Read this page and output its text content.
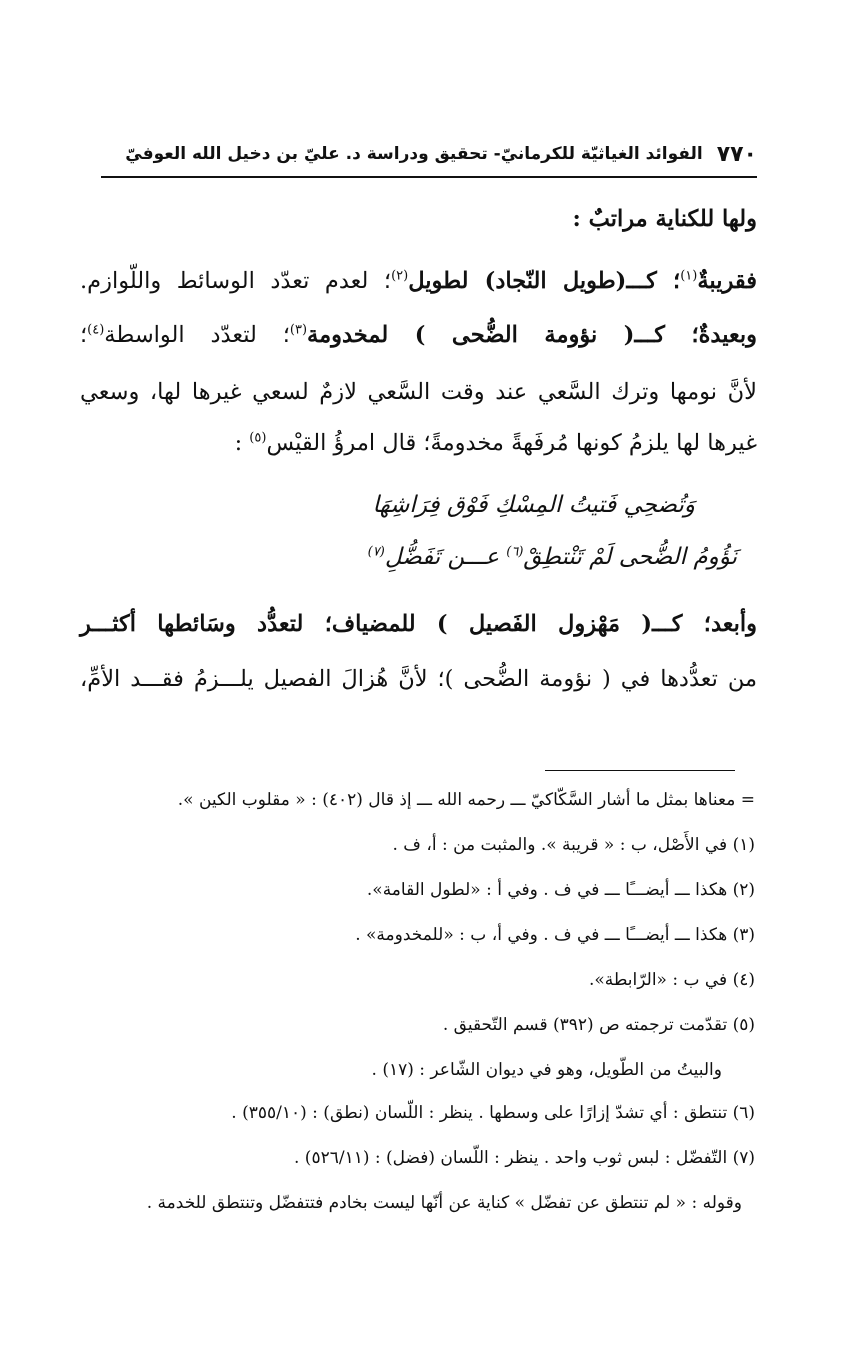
٧٧٠
الفوائد الغياثيّة للكرمانيّ- تحقيق ودراسة د. عليّ بن دخيل الله العوفيّ
ولها للكناية مراتبٌ :
فقريبةٌ$^{(١)}$؛ كـــ(طويل النّجاد) لطويل$^{(٢)}$؛ لعدم تعدّد الوسائط واللّوازم.
وبعيدةٌ؛ كـــ( نؤومة الضُّحى ) لمخدومة$^{(٣)}$؛ لتعدّد الواسطة$^{(٤)}$؛
لأنَّ نومها وترك السَّعي عند وقت السَّعي لازمٌ لسعي غيرها لها، وسعي
غيرها لها يلزمُ كونها مُرفَهةً مخدومةً؛ قال امرؤُ القيْس$^{(٥)}$ :
وَتُضحِي فَتيتُ المِسْكِ فَوْق فِرَاشِهَا
نَؤُومُ الضُّحى لَمْ تَنْتطِقْ$^{(٦)}$ عـــن تَفَضُّلِ$^{(٧)}$
وأبعد؛ كـــ( مَهْزول الفَصيل ) للمضياف؛ لتعدُّد وسَائطها أكثـــر
من تعدُّدها في ( نؤومة الضُّحى )؛ لأنَّ هُزالَ الفصيل يلـــزمُ فقـــد الأمِّ،
= معناها بمثل ما أشار السَّكّاكيّ ـــ رحمه الله ـــ إذ قال (٤٠٢) : « مقلوب الكين ».
(١) في الأَصْل، ب : « قريبة ». والمثبت من : أ، ف .
(٢) هكذا ـــ أيضـــًا ـــ في ف . وفي أ : «لطول القامة».
(٣) هكذا ـــ أيضـــًا ـــ في ف . وفي أ، ب : «للمخدومة» .
(٤) في ب : «الرّابطة».
(٥) تقدّمت ترجمته ص (٣٩٢) قسم التّحقيق .
والبيتُ من الطّويل، وهو في ديوان الشّاعر : (١٧) .
(٦) تنتطق : أي تشدّ إزارًا على وسطها . ينظر : اللّسان (نطق) : (٣٥٥/١٠) .
(٧) التّفضّل : لبس ثوب واحد . ينظر : اللّسان (فضل) : (٥٢٦/١١) .
وقوله : « لم تنتطق عن تفضّل » كناية عن أنّها ليست بخادم فتتفضّل وتنتطق للخدمة .
